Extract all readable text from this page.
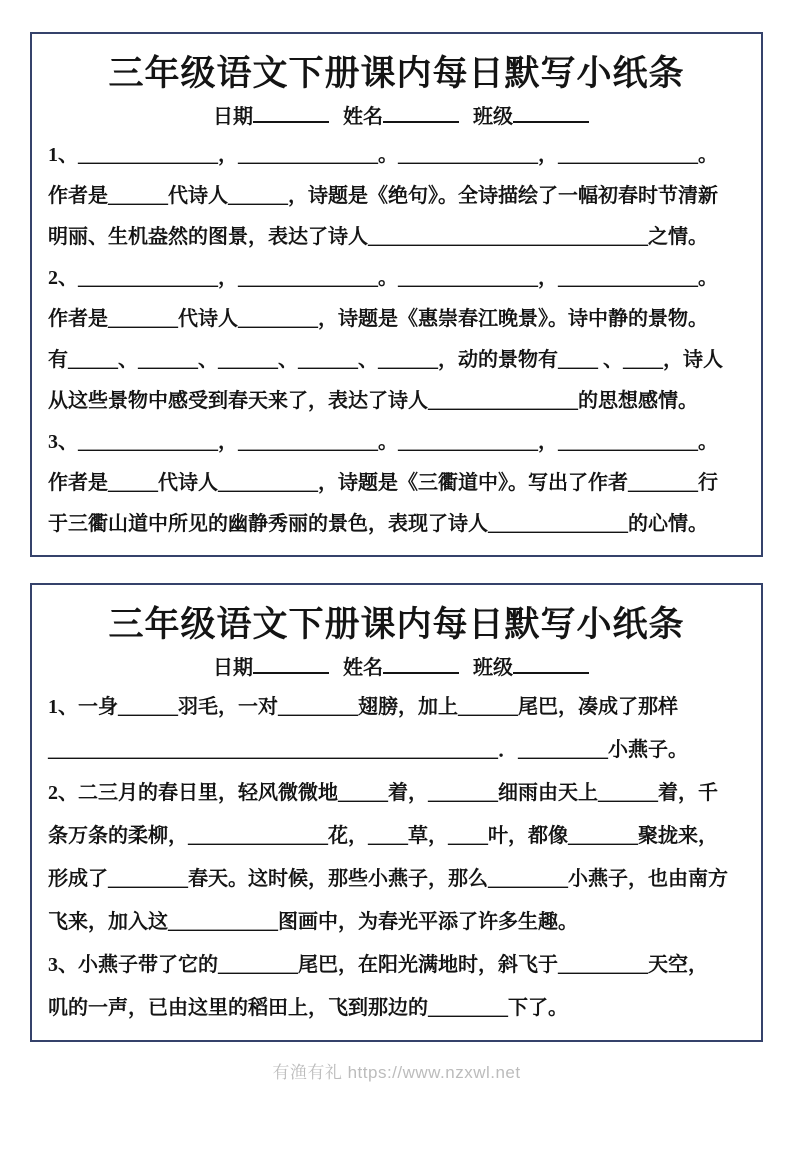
三年级语文下册课内每日默写小纸条
日期	姓名	班级

1、______________，______________。______________，______________。

作者是______代诗人______，诗题是《绝句》。全诗描绘了一幅初春时节清新

明丽、生机盎然的图景，表达了诗人____________________________之情。

2、______________，______________。______________，______________。

作者是_______代诗人________，诗题是《惠崇春江晚景》。诗中静的景物。

有_____、______、______、______、______，动的景物有____ 、____，诗人

从这些景物中感受到春天来了，表达了诗人_______________的思想感情。

3、______________，______________。______________，______________。

作者是_____代诗人__________，诗题是《三衢道中》。写出了作者_______行

于三衢山道中所见的幽静秀丽的景色，表现了诗人______________的心情。

三年级语文下册课内每日默写小纸条
日期	姓名	班级

1、一身______羽毛，一对________翅膀，加上______尾巴，凑成了那样

_____________________________________________．_________小燕子。

2、二三月的春日里，轻风微微地_____着，_______细雨由天上______着，千

条万条的柔柳，______________花，____草，____叶，都像_______聚拢来，

形成了________春天。这时候，那些小燕子，那么________小燕子，也由南方

飞来，加入这___________图画中，为春光平添了许多生趣。

3、小燕子带了它的________尾巴，在阳光满地时，斜飞于_________天空，

叽的一声，已由这里的稻田上，飞到那边的________下了。

有渔有礼 https://www.nzxwl.net
